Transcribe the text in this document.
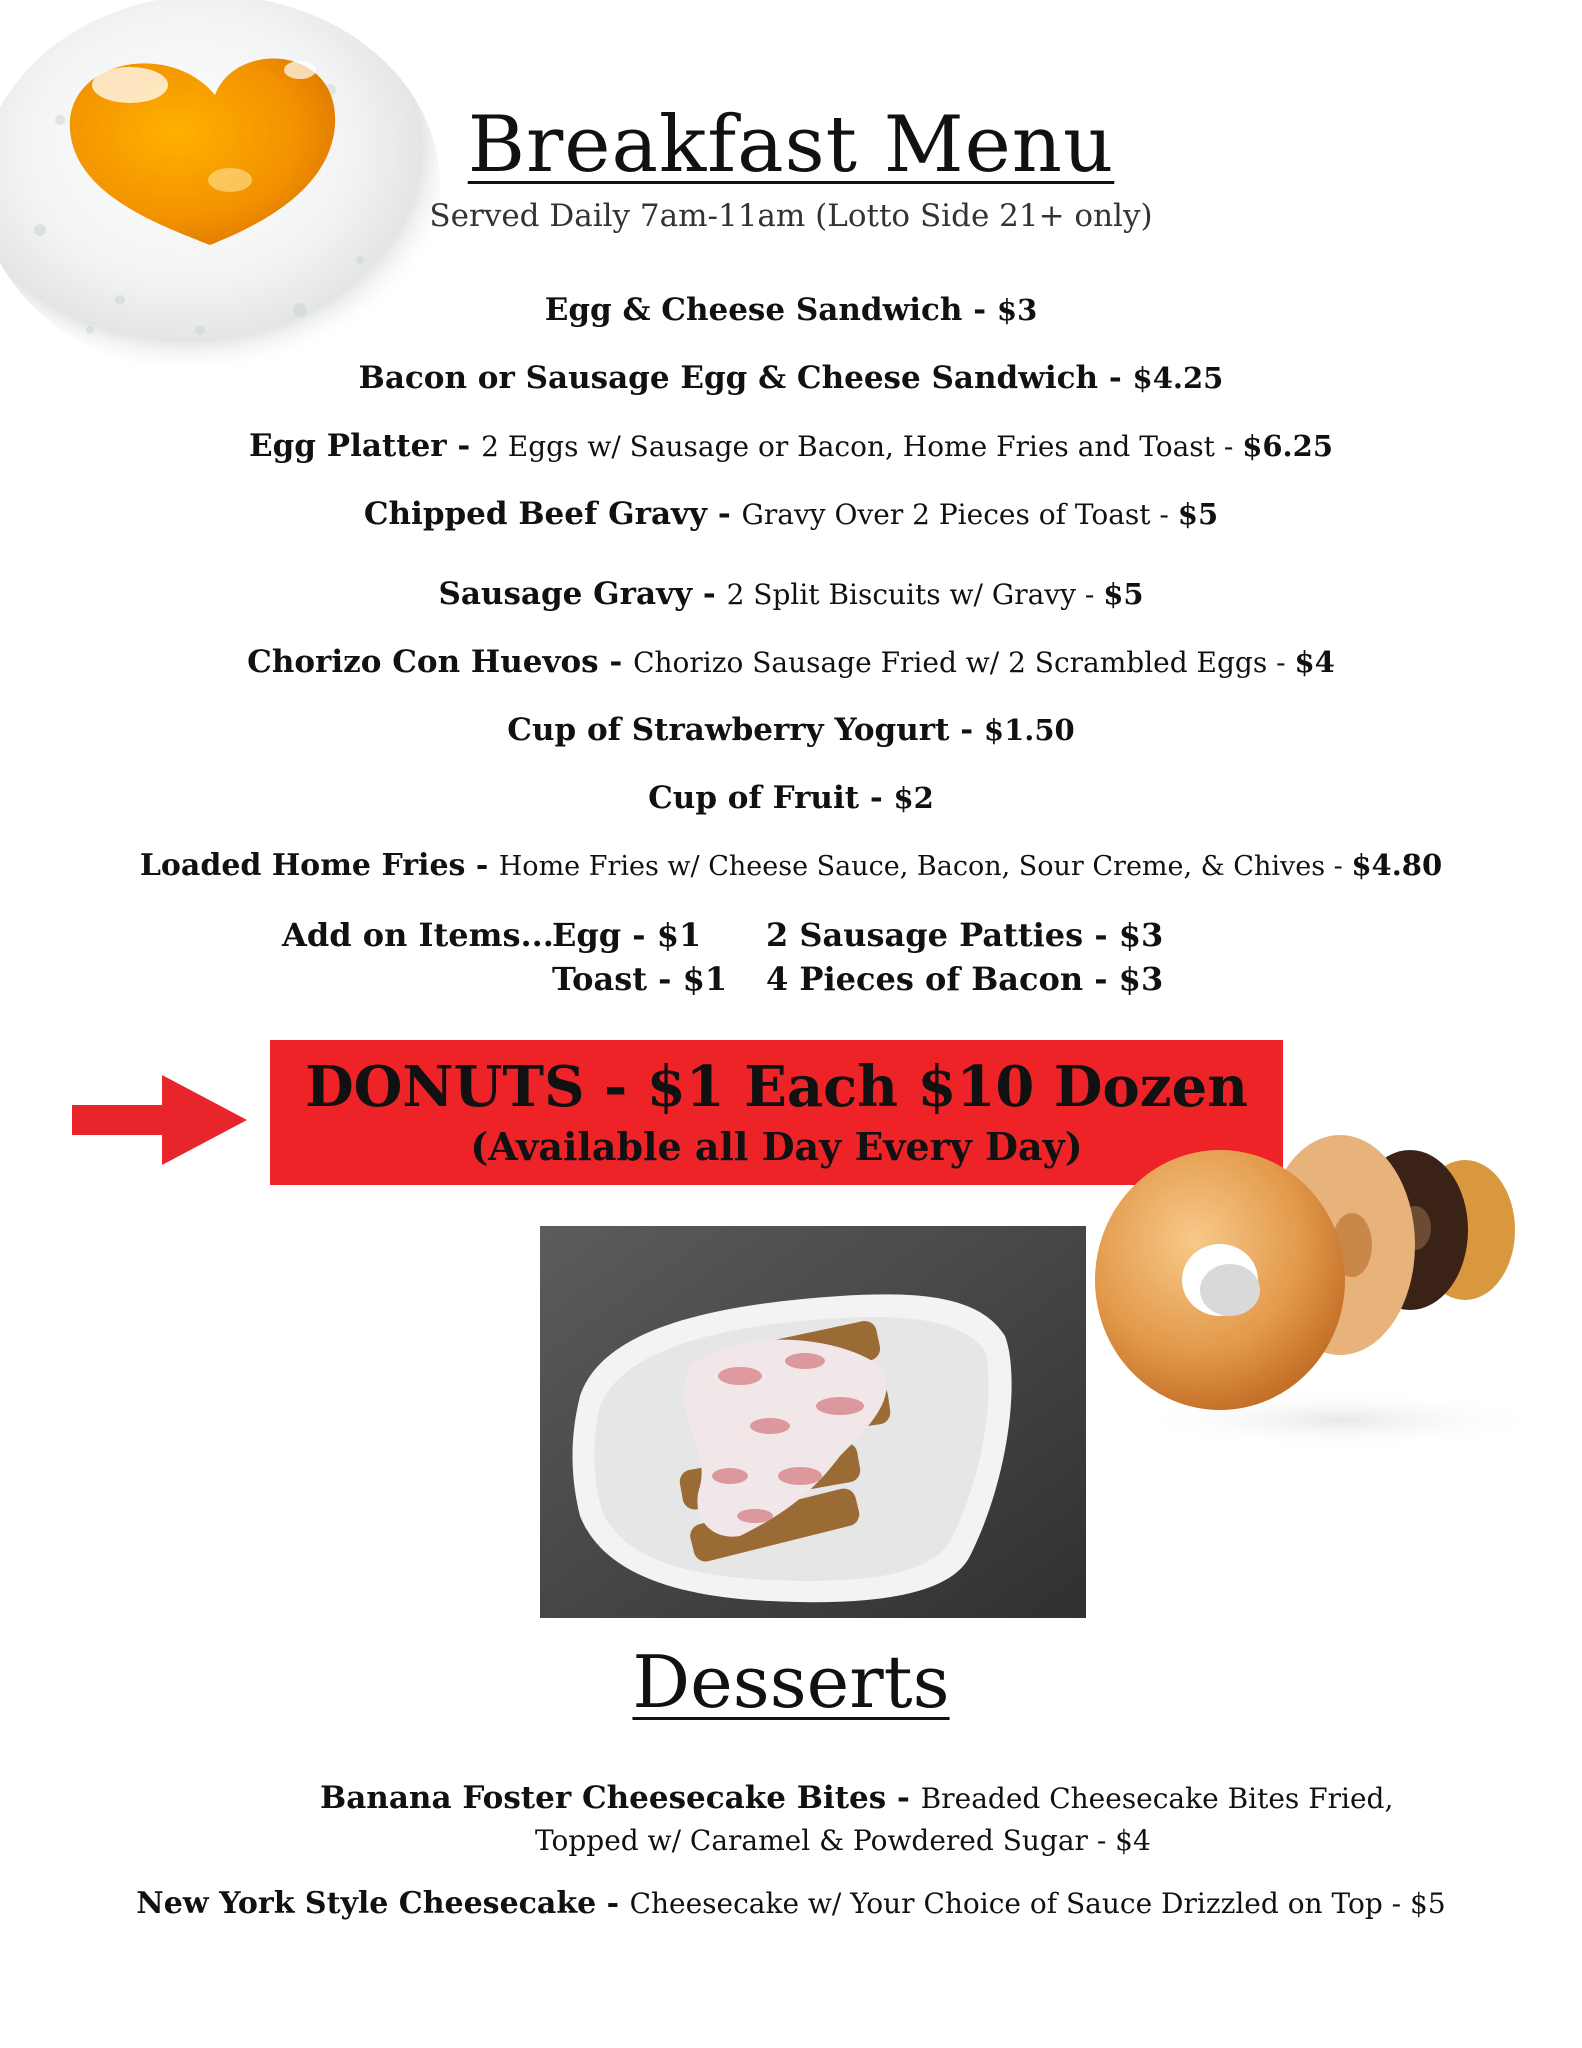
Breakfast Menu
Served Daily 7am-11am (Lotto Side 21+ only)
Egg & Cheese Sandwich - $3
Bacon or Sausage Egg & Cheese Sandwich - $4.25
Egg Platter - 2 Eggs w/ Sausage or Bacon, Home Fries and Toast - $6.25
Chipped Beef Gravy - Gravy Over 2 Pieces of Toast - $5
Sausage Gravy - 2 Split Biscuits w/ Gravy - $5
Chorizo Con Huevos - Chorizo Sausage Fried w/ 2 Scrambled Eggs - $4
Cup of Strawberry Yogurt - $1.50
Cup of Fruit - $2
Loaded Home Fries - Home Fries w/ Cheese Sauce, Bacon, Sour Creme, & Chives - $4.80
Add on Items...
Egg - $1 2 Sausage Patties - $3
Toast - $1 4 Pieces of Bacon - $3
DONUTS - $1 Each $10 Dozen
(Available all Day Every Day)
Desserts
Banana Foster Cheesecake Bites - Breaded Cheesecake Bites Fried,
Topped w/ Caramel & Powdered Sugar - $4
New York Style Cheesecake - Cheesecake w/ Your Choice of Sauce Drizzled on Top - $5
